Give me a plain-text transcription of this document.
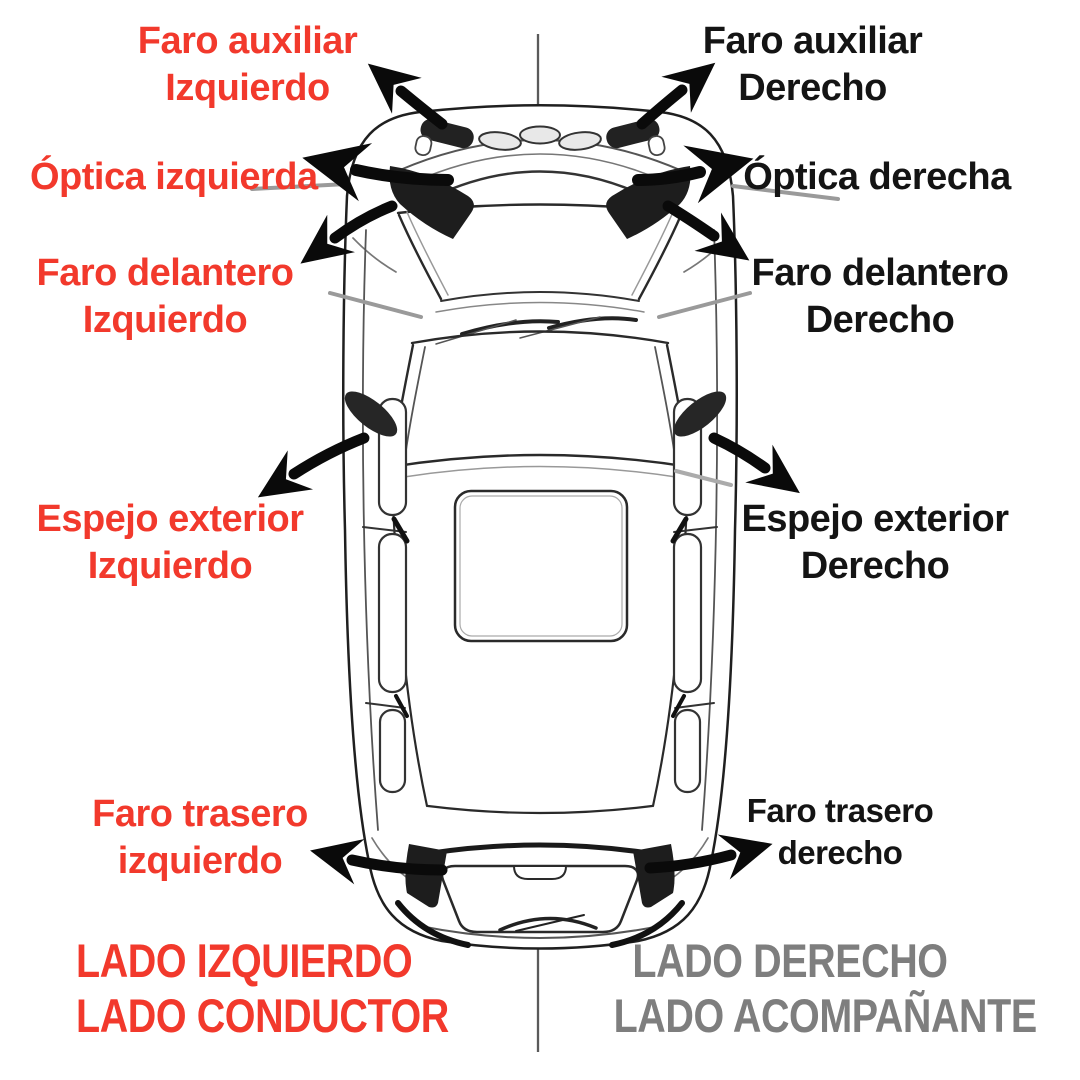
Faro auxiliar
Izquierdo
Óptica izquierda
Faro delantero
Izquierdo
Espejo exterior
Izquierdo
Faro trasero
izquierdo
LADO IZQUIERDO
LADO CONDUCTOR
Faro auxiliar
Derecho
Óptica derecha
Faro delantero
Derecho
Espejo exterior
Derecho
Faro trasero
derecho
LADO DERECHO
LADO ACOMPAÑANTE
